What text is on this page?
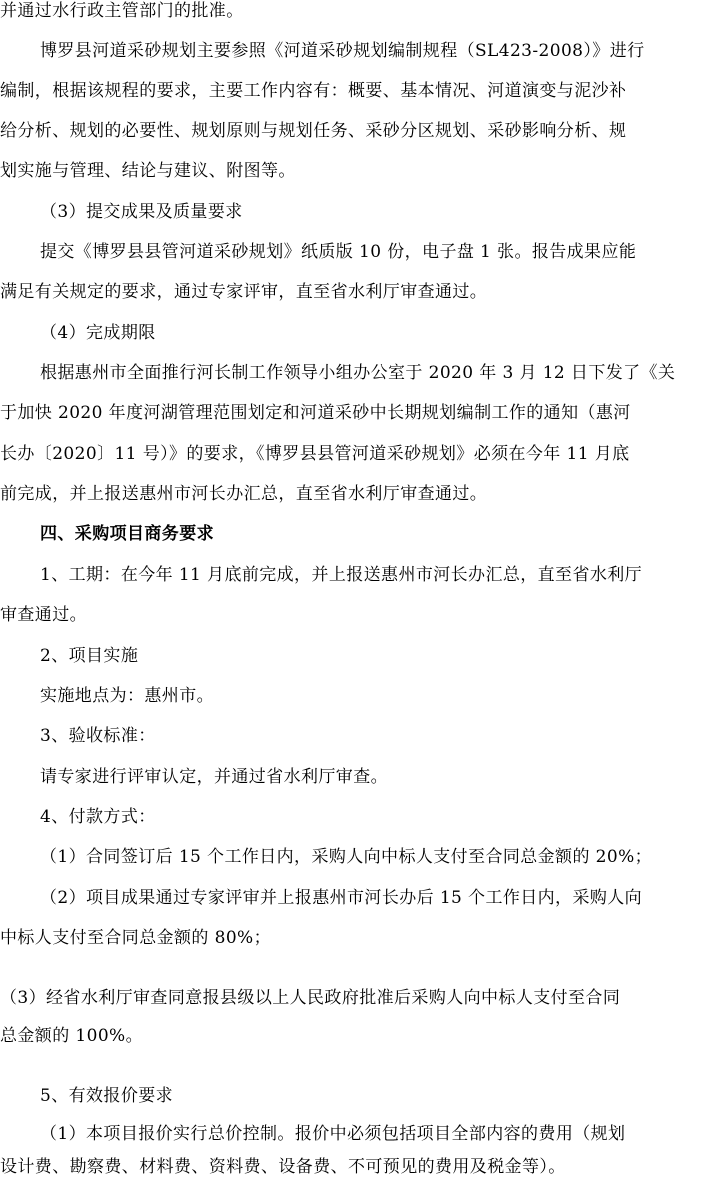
并通过水行政主管部门的批准。
博罗县河道采砂规划主要参照《河道采砂规划编制规程（SL423-2008）》进行
编制，根据该规程的要求，主要工作内容有：概要、基本情况、河道演变与泥沙补
给分析、规划的必要性、规划原则与规划任务、采砂分区规划、采砂影响分析、规
划实施与管理、结论与建议、附图等。
（3）提交成果及质量要求
提交《博罗县县管河道采砂规划》纸质版 10 份，电子盘 1 张。报告成果应能
满足有关规定的要求，通过专家评审，直至省水利厅审查通过。
（4）完成期限
根据惠州市全面推行河长制工作领导小组办公室于 2020 年 3 月 12 日下发了《关
于加快 2020 年度河湖管理范围划定和河道采砂中长期规划编制工作的通知（惠河
长办〔2020〕11 号）》的要求，《博罗县县管河道采砂规划》必须在今年 11 月底
前完成，并上报送惠州市河长办汇总，直至省水利厅审查通过。
四、采购项目商务要求
1、工期：在今年 11 月底前完成，并上报送惠州市河长办汇总，直至省水利厅
审查通过。
2、项目实施
实施地点为：惠州市。
3、验收标准：
请专家进行评审认定，并通过省水利厅审查。
4、付款方式：
（1）合同签订后 15 个工作日内，采购人向中标人支付至合同总金额的 20%；
（2）项目成果通过专家评审并上报惠州市河长办后 15 个工作日内，采购人向
中标人支付至合同总金额的 80%；
（3）经省水利厅审查同意报县级以上人民政府批准后采购人向中标人支付至合同
总金额的 100%。
5、有效报价要求
（1）本项目报价实行总价控制。报价中必须包括项目全部内容的费用（规划
设计费、勘察费、材料费、资料费、设备费、不可预见的费用及税金等）。
